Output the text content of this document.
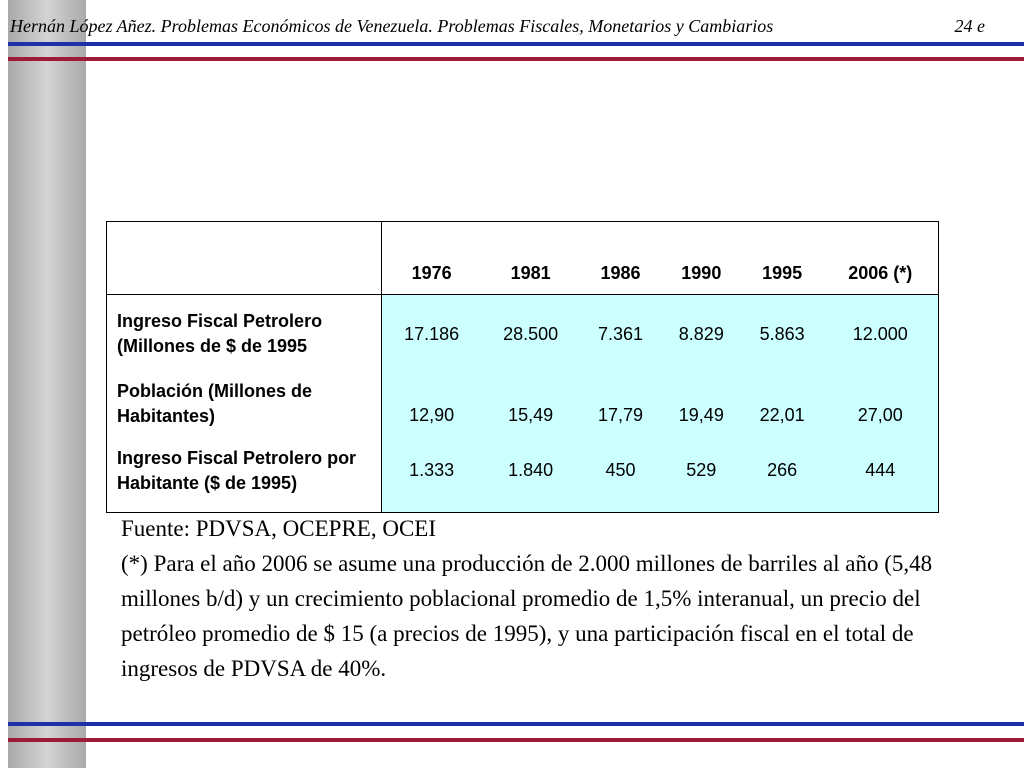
Hernán López Añez. Problemas Económicos de Venezuela. Problemas Fiscales, Monetarios y Cambiarios	24 e
	1976	1981	1986	1990	1995	2006 (*)
Ingreso Fiscal Petrolero (Millones de $ de 1995	17.186	28.500	7.361	8.829	5.863	12.000
Población (Millones de Habitantes)	12,90	15,49	17,79	19,49	22,01	27,00
Ingreso Fiscal Petrolero por Habitante ($ de 1995)	1.333	1.840	450	529	266	444

Fuente: PDVSA, OCEPRE, OCEI

(*) Para el año 2006 se asume una producción de 2.000 millones de barriles al año (5,48 millones b/d) y un crecimiento poblacional promedio de 1,5% interanual, un precio del petróleo promedio de $ 15 (a precios de 1995), y una participación fiscal en el total de ingresos de PDVSA de 40%.
